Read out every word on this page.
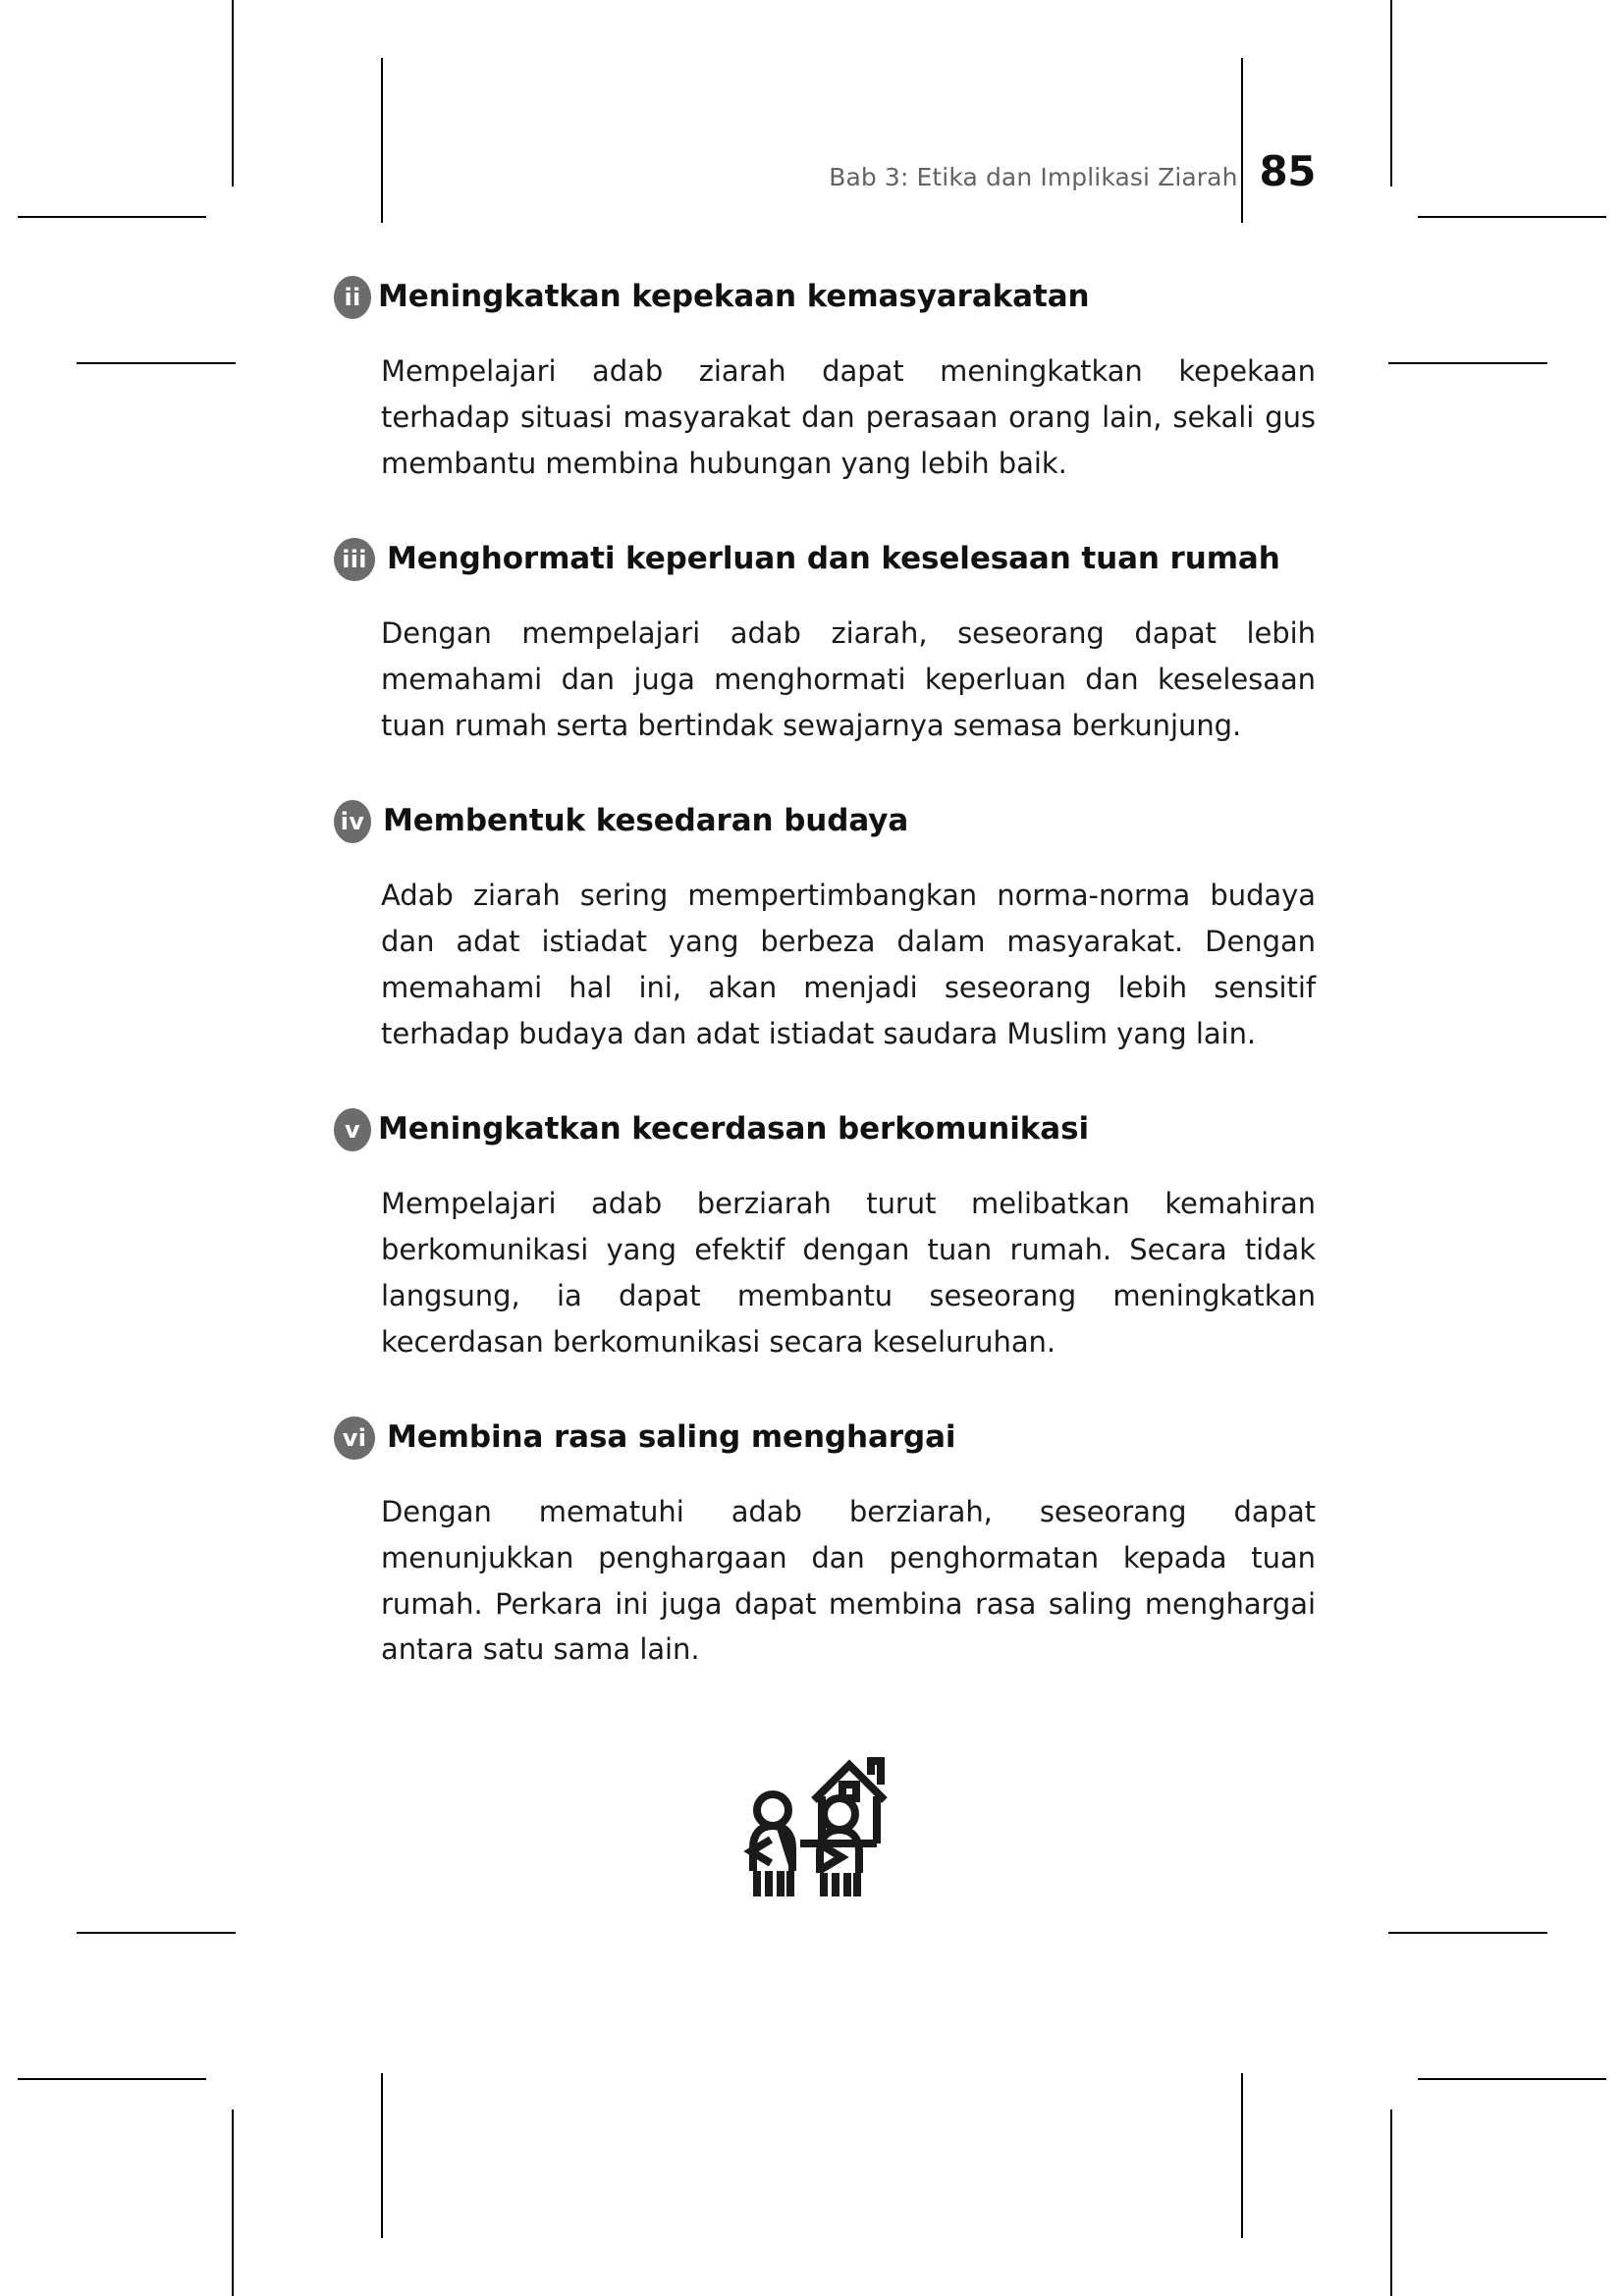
Bab 3: Etika dan Implikasi Ziarah 85
ii Meningkatkan kepekaan kemasyarakatan

Mempelajari adab ziarah dapat meningkatkan kepekaan terhadap situasi masyarakat dan perasaan orang lain, sekali gus membantu membina hubungan yang lebih baik.

iii Menghormati keperluan dan keselesaan tuan rumah

Dengan mempelajari adab ziarah, seseorang dapat lebih memahami dan juga menghormati keperluan dan keselesaan tuan rumah serta bertindak sewajarnya semasa berkunjung.

iv Membentuk kesedaran budaya

Adab ziarah sering mempertimbangkan norma-norma budaya dan adat istiadat yang berbeza dalam masyarakat. Dengan memahami hal ini, akan menjadi seseorang lebih sensitif terhadap budaya dan adat istiadat saudara Muslim yang lain.

v Meningkatkan kecerdasan berkomunikasi

Mempelajari adab berziarah turut melibatkan kemahiran berkomunikasi yang efektif dengan tuan rumah. Secara tidak langsung, ia dapat membantu seseorang meningkatkan kecerdasan berkomunikasi secara keseluruhan.

vi Membina rasa saling menghargai

Dengan mematuhi adab berziarah, seseorang dapat menunjukkan penghargaan dan penghormatan kepada tuan rumah. Perkara ini juga dapat membina rasa saling menghargai antara satu sama lain.
